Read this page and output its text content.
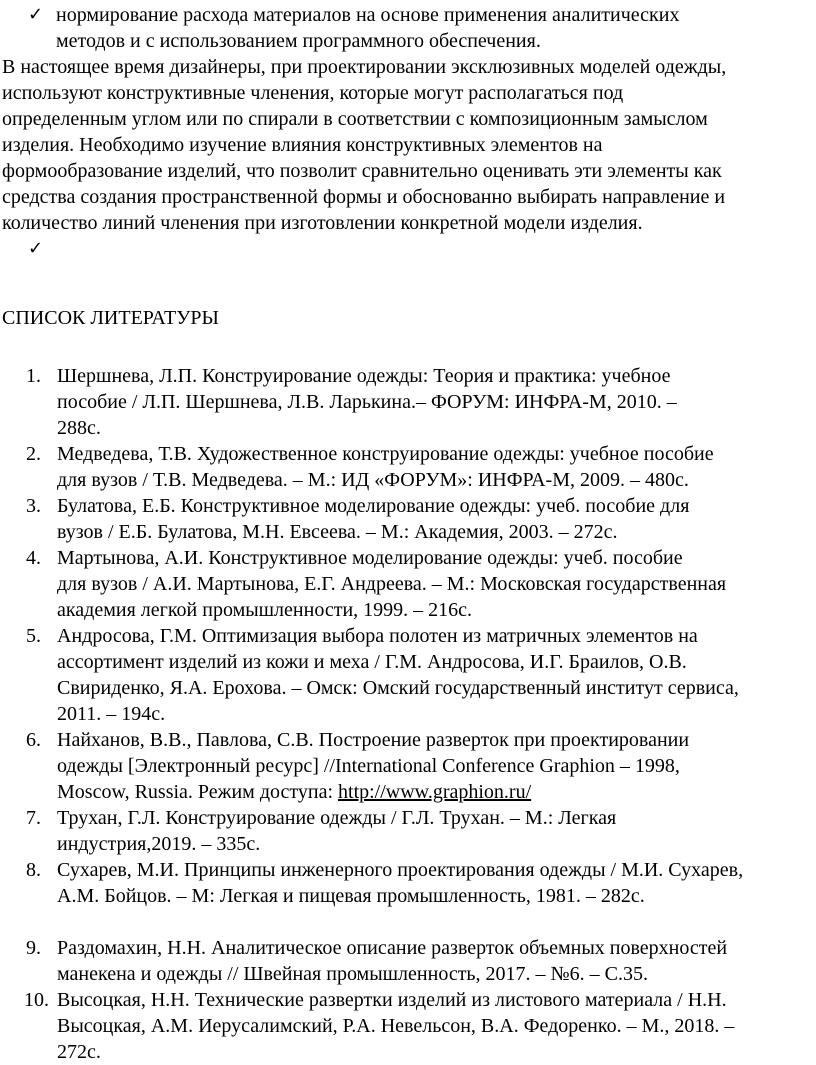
✓ нормирование расхода материалов на основе применения аналитических
методов и с использованием программного обеспечения.

В настоящее время дизайнеры, при проектировании эксклюзивных моделей одежды,
используют конструктивные членения, которые могут располагаться под
определенным углом или по спирали в соответствии с композиционным замыслом
изделия. Необходимо изучение влияния конструктивных элементов на
формообразование изделий, что позволит сравнительно оценивать эти элементы как
средства создания пространственной формы и обоснованно выбирать направление и
количество линий членения при изготовлении конкретной модели изделия.

✓

СПИСОК ЛИТЕРАТУРЫ

1. Шершнева, Л.П. Конструирование одежды: Теория и практика: учебное
пособие / Л.П. Шершнева, Л.В. Ларькина.– ФОРУМ: ИНФРА-М, 2010. –
288с.
2. Медведева, Т.В. Художественное конструирование одежды: учебное пособие
для вузов / Т.В. Медведева. – М.: ИД «ФОРУМ»: ИНФРА-М, 2009. – 480с.
3. Булатова, Е.Б. Конструктивное моделирование одежды: учеб. пособие для
вузов / Е.Б. Булатова, М.Н. Евсеева. – М.: Академия, 2003. – 272с.
4. Мартынова, А.И. Конструктивное моделирование одежды: учеб. пособие
для вузов / А.И. Мартынова, Е.Г. Андреева. – М.: Московская государственная
академия легкой промышленности, 1999. – 216с.
5. Андросова, Г.М. Оптимизация выбора полотен из матричных элементов на
ассортимент изделий из кожи и меха / Г.М. Андросова, И.Г. Браилов, О.В.
Свириденко, Я.А. Ерохова. – Омск: Омский государственный институт сервиса,
2011. – 194с.
6. Найханов, В.В., Павлова, С.В. Построение разверток при проектировании
одежды [Электронный ресурс] //International Conference Graphion – 1998,
Moscow, Russia. Режим доступа: http://www.graphion.ru/
7. Трухан, Г.Л. Конструирование одежды / Г.Л. Трухан. – М.: Легкая
индустрия,2019. – 335с.
8. Сухарев, М.И. Принципы инженерного проектирования одежды / М.И. Сухарев,
А.М. Бойцов. – М: Легкая и пищевая промышленность, 1981. – 282с.
9. Раздомахин, Н.Н. Аналитическое описание разверток объемных поверхностей
манекена и одежды // Швейная промышленность, 2017. – №6. – С.35.
10. Высоцкая, Н.Н. Технические развертки изделий из листового материала / Н.Н.
Высоцкая, А.М. Иерусалимский, Р.А. Невельсон, В.А. Федоренко. – М., 2018. –
272с.
